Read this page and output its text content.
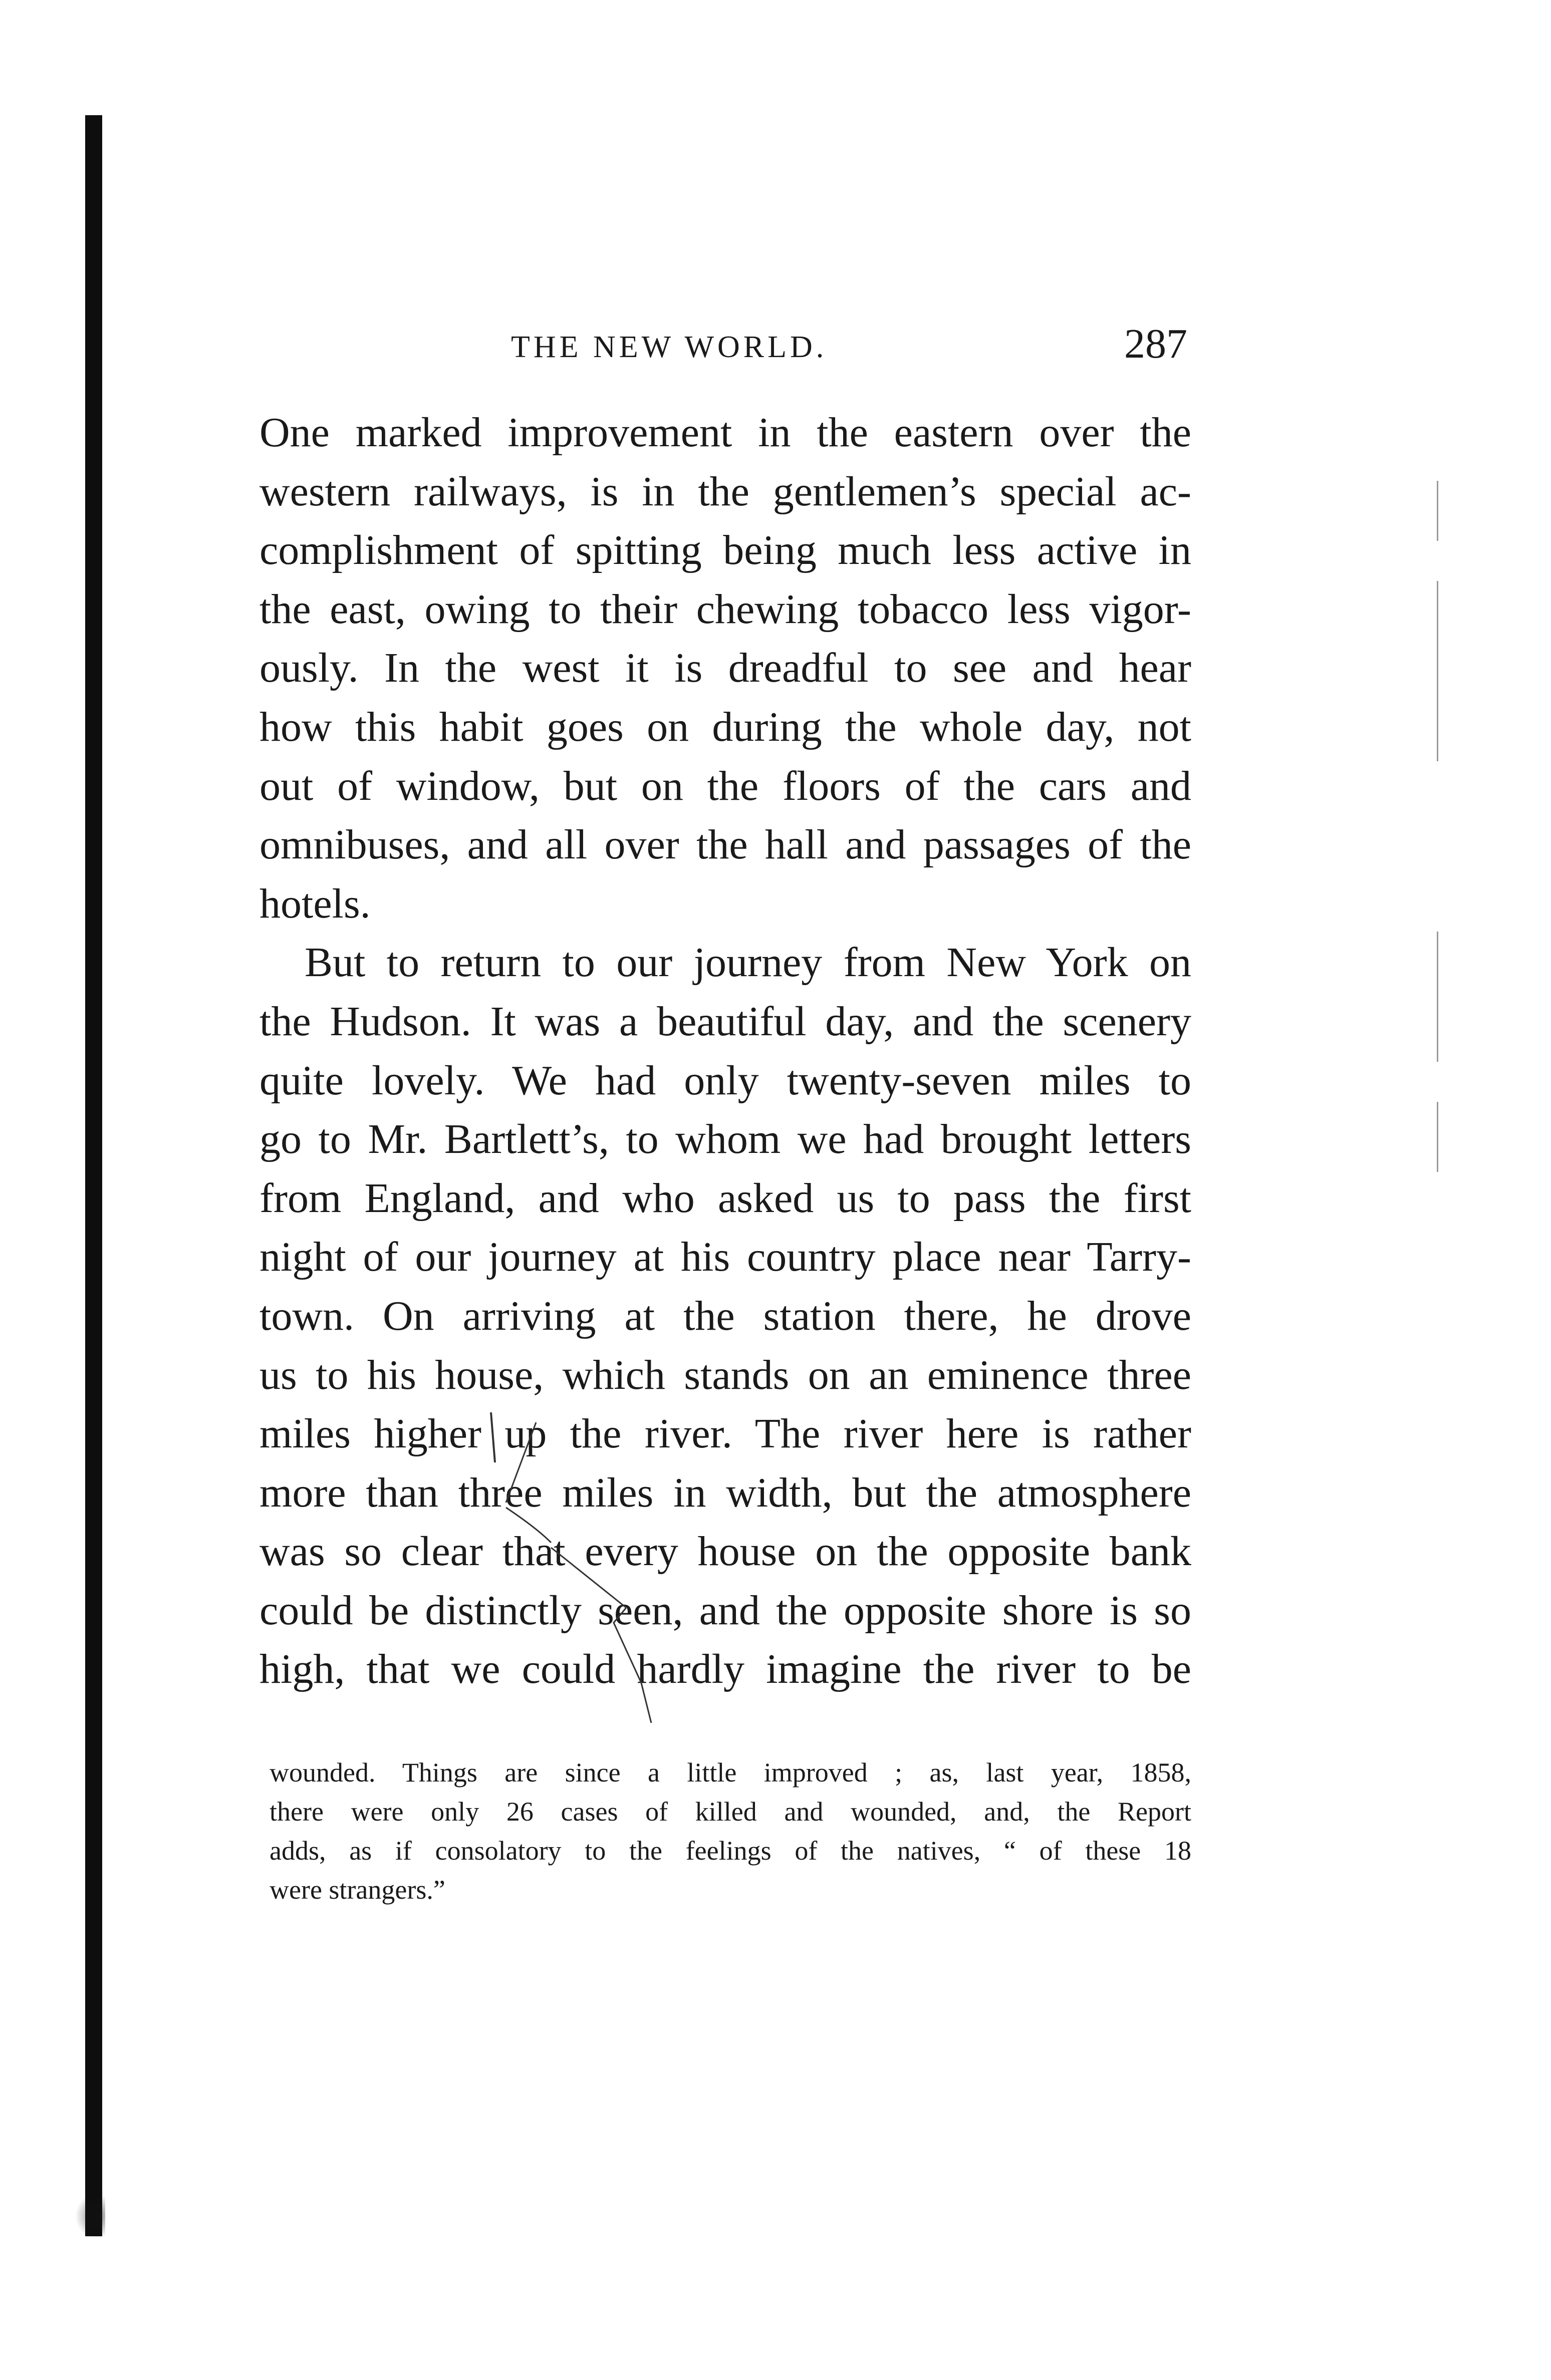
THE NEW WORLD.	287
One marked improvement in the eastern over the
western railways, is in the gentlemen’s special ac-
complishment of spitting being much less active in
the east, owing to their chewing tobacco less vigor-
ously. In the west it is dreadful to see and hear
how this habit goes on during the whole day, not
out of window, but on the floors of the cars and
omnibuses, and all over the hall and passages of the
hotels.
But to return to our journey from New York on
the Hudson. It was a beautiful day, and the scenery
quite lovely. We had only twenty-seven miles to
go to Mr. Bartlett’s, to whom we had brought letters
from England, and who asked us to pass the first
night of our journey at his country place near Tarry-
town. On arriving at the station there, he drove
us to his house, which stands on an eminence three
miles higher up the river. The river here is rather
more than three miles in width, but the atmosphere
was so clear that every house on the opposite bank
could be distinctly seen, and the opposite shore is so
high, that we could hardly imagine the river to be
wounded. Things are since a little improved ; as, last year, 1858,
there were only 26 cases of killed and wounded, and, the Report
adds, as if consolatory to the feelings of the natives, “ of these 18
were strangers.”
